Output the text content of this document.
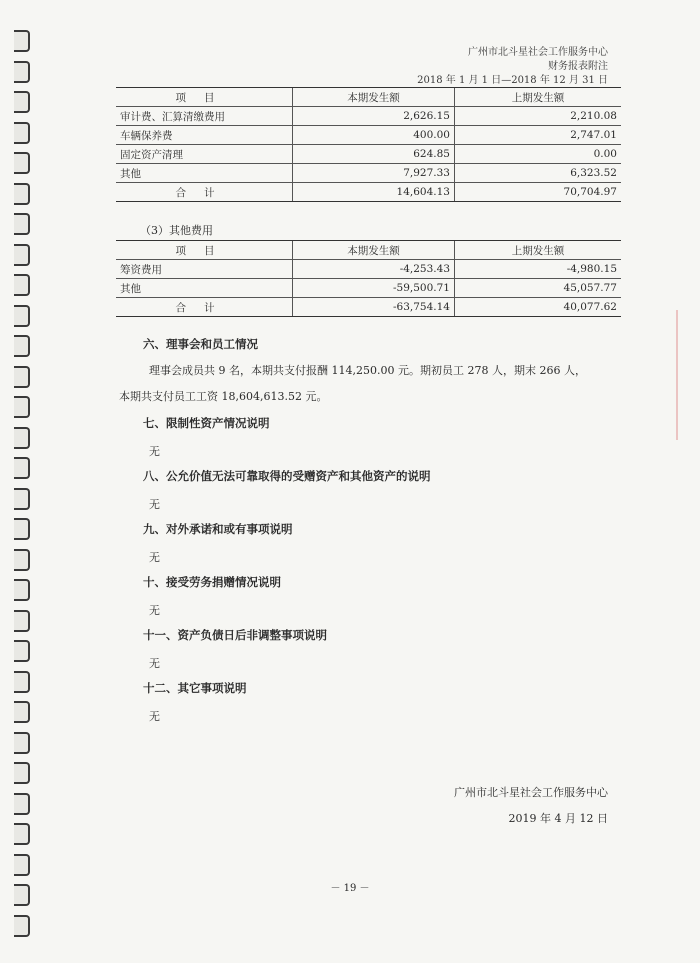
广州市北斗星社会工作服务中心
财务报表附注
2018 年 1 月 1 日—2018 年 12 月 31 日
项目	本期发生额	上期发生额
审计费、汇算清缴费用	2,626.15	2,210.08
车辆保养费	400.00	2,747.01
固定资产清理	624.85	0.00
其他	7,927.33	6,323.52
合计	14,604.13	70,704.97
（3）其他费用
项目	本期发生额	上期发生额
筹资费用	-4,253.43	-4,980.15
其他	-59,500.71	45,057.77
合计	-63,754.14	40,077.62
六、理事会和员工情况
理事会成员共 9 名，本期共支付报酬 114,250.00 元。期初员工 278 人，期末 266 人，
本期共支付员工工资 18,604,613.52 元。
七、限制性资产情况说明
无
八、公允价值无法可靠取得的受赠资产和其他资产的说明
无
九、对外承诺和或有事项说明
无
十、接受劳务捐赠情况说明
无
十一、资产负债日后非调整事项说明
无
十二、其它事项说明
无
广州市北斗星社会工作服务中心
2019 年 4 月 12 日
－ 19 －
